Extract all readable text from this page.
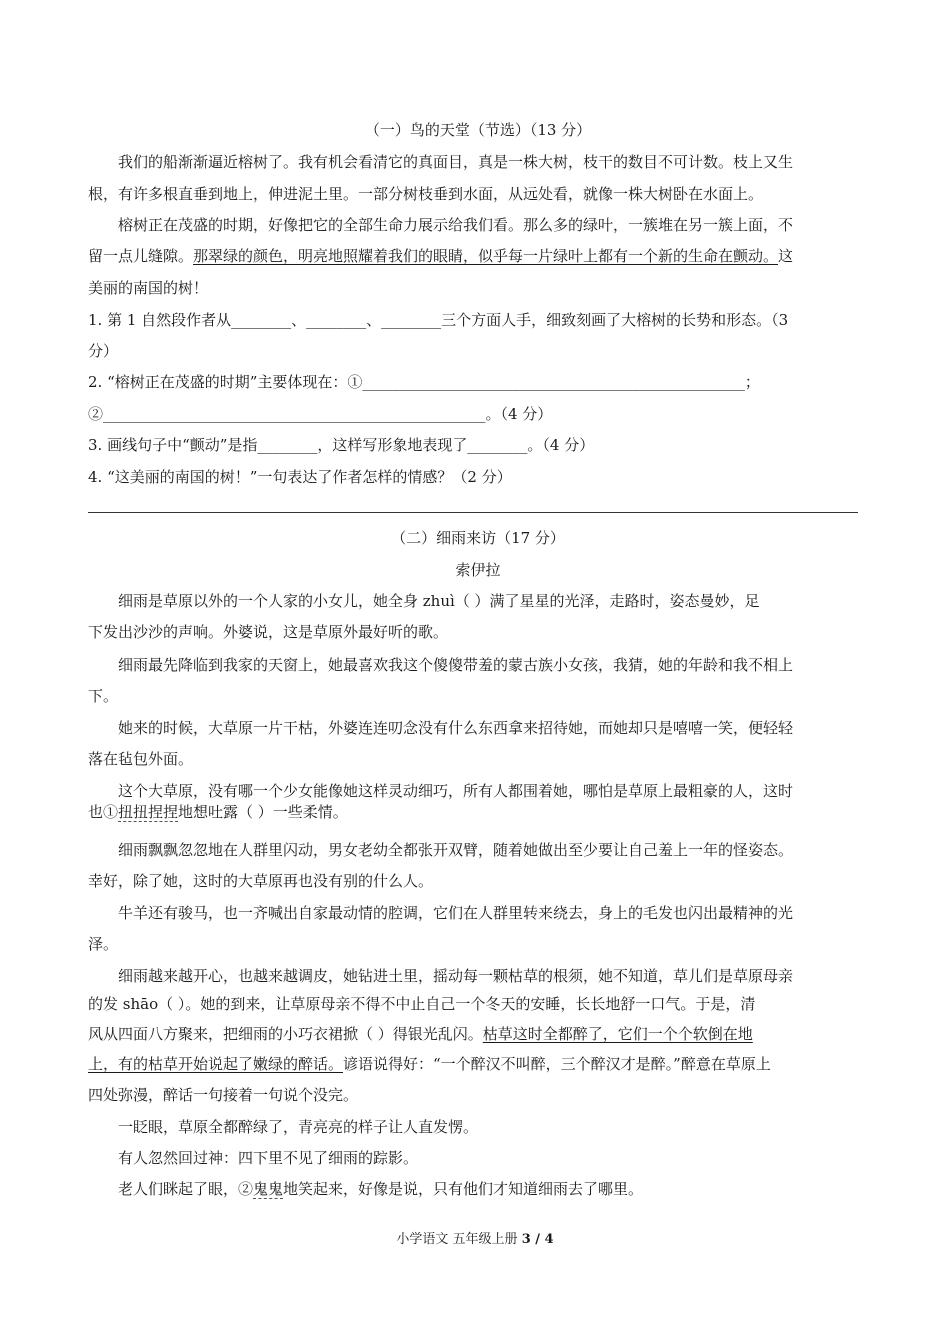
（一）鸟的天堂（节选）（13 分）
我们的船渐渐逼近榕树了。我有机会看清它的真面目，真是一株大树，枝干的数目不可计数。枝上又生
根，有许多根直垂到地上，伸进泥土里。一部分树枝垂到水面，从远处看，就像一株大树卧在水面上。
榕树正在茂盛的时期，好像把它的全部生命力展示给我们看。那么多的绿叶，一簇堆在另一簇上面，不
留一点儿缝隙。那翠绿的颜色，明亮地照耀着我们的眼睛，似乎每一片绿叶上都有一个新的生命在颤动。这
美丽的南国的树！
1. 第 1 自然段作者从________、________、________三个方面人手，细致刻画了大榕树的长势和形态。（3
分）
2. “榕树正在茂盛的时期”主要体现在：①___________________________________________________；
②___________________________________________________。（4 分）
3. 画线句子中“颤动”是指________，这样写形象地表现了________。（4 分）
4. “这美丽的南国的树！”一句表达了作者怎样的情感？（2 分）
（二）细雨来访（17 分）
索伊拉
细雨是草原以外的一个人家的小女儿，她全身 zhuì（ ）满了星星的光泽，走路时，姿态曼妙，足
下发出沙沙的声响。外婆说，这是草原外最好听的歌。
细雨最先降临到我家的天窗上，她最喜欢我这个傻傻带羞的蒙古族小女孩，我猜，她的年龄和我不相上
下。
她来的时候，大草原一片干枯，外婆连连叨念没有什么东西拿来招待她，而她却只是嘻嘻一笑，便轻轻
落在毡包外面。
这个大草原，没有哪一个少女能像她这样灵动细巧，所有人都围着她，哪怕是草原上最粗豪的人，这时
也①扭扭捏捏地想吐露（ ）一些柔情。
细雨飘飘忽忽地在人群里闪动，男女老幼全都张开双臂，随着她做出至少要让自己羞上一年的怪姿态。
幸好，除了她，这时的大草原再也没有别的什么人。
牛羊还有骏马，也一齐喊出自家最动情的腔调，它们在人群里转来绕去，身上的毛发也闪出最精神的光
泽。
细雨越来越开心，也越来越调皮，她钻进土里，摇动每一颗枯草的根须，她不知道，草儿们是草原母亲
的发 shāo（ ）。她的到来，让草原母亲不得不中止自己一个冬天的安睡，长长地舒一口气。于是，清
风从四面八方聚来，把细雨的小巧衣裙掀（ ）得银光乱闪。枯草这时全都醉了，它们一个个软倒在地
上，有的枯草开始说起了嫩绿的醉话。谚语说得好：“一个醉汉不叫醉，三个醉汉才是醉。”醉意在草原上
四处弥漫，醉话一句接着一句说个没完。
一眨眼，草原全都醉绿了，青亮亮的样子让人直发愣。
有人忽然回过神：四下里不见了细雨的踪影。
老人们眯起了眼，②鬼鬼地笑起来，好像是说，只有他们才知道细雨去了哪里。
小学语文 五年级上册 3 / 4
